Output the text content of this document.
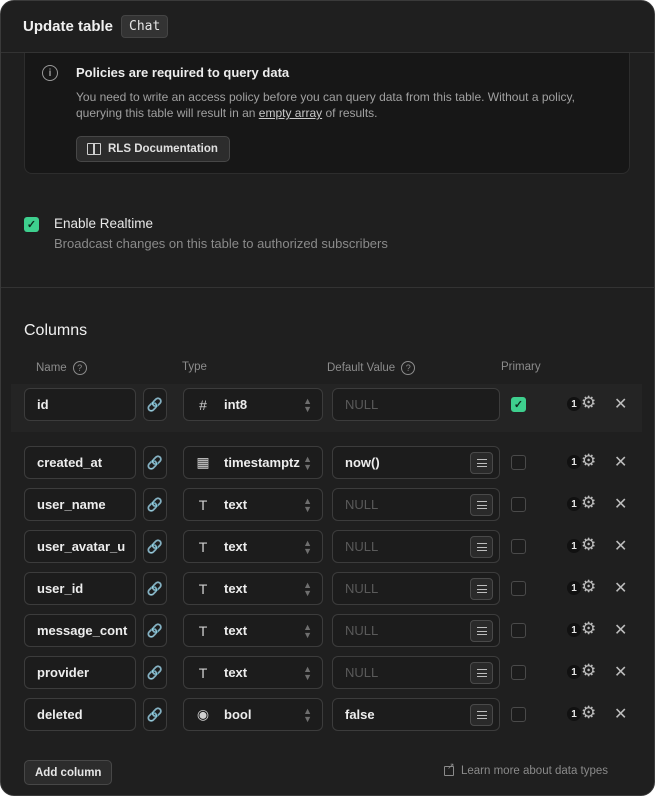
Update table	Chat
i	Policies are required to query data
You need to write an access policy before you can query data from this table. Without a policy, querying this table will result in an empty array of results.
RLS Documentation
✓ Enable Realtime
Broadcast changes on this table to authorized subscribers
Columns
Name	?	Type	Default Value	?	Primary
id	🔗	# int8	▲
▼	NULL	✓	1 ⚙ ✕
created_at	🔗 ▦ timestamptz ▲
▼	now()	1 ⚙ ✕
user_name	🔗	T text	▲
▼	NULL	1 ⚙ ✕
user_avatar_u	🔗	T text	▲
▼	NULL	1 ⚙ ✕
user_id	🔗	T text	▲
▼	NULL	1 ⚙ ✕
message_cont	🔗	T text	▲
▼	NULL	1 ⚙ ✕
provider	🔗	T text	▲
▼	NULL	1 ⚙ ✕
deleted	🔗 ◉ bool	▲
▼	false	1 ⚙ ✕
Add column
↗	Learn more about data types
